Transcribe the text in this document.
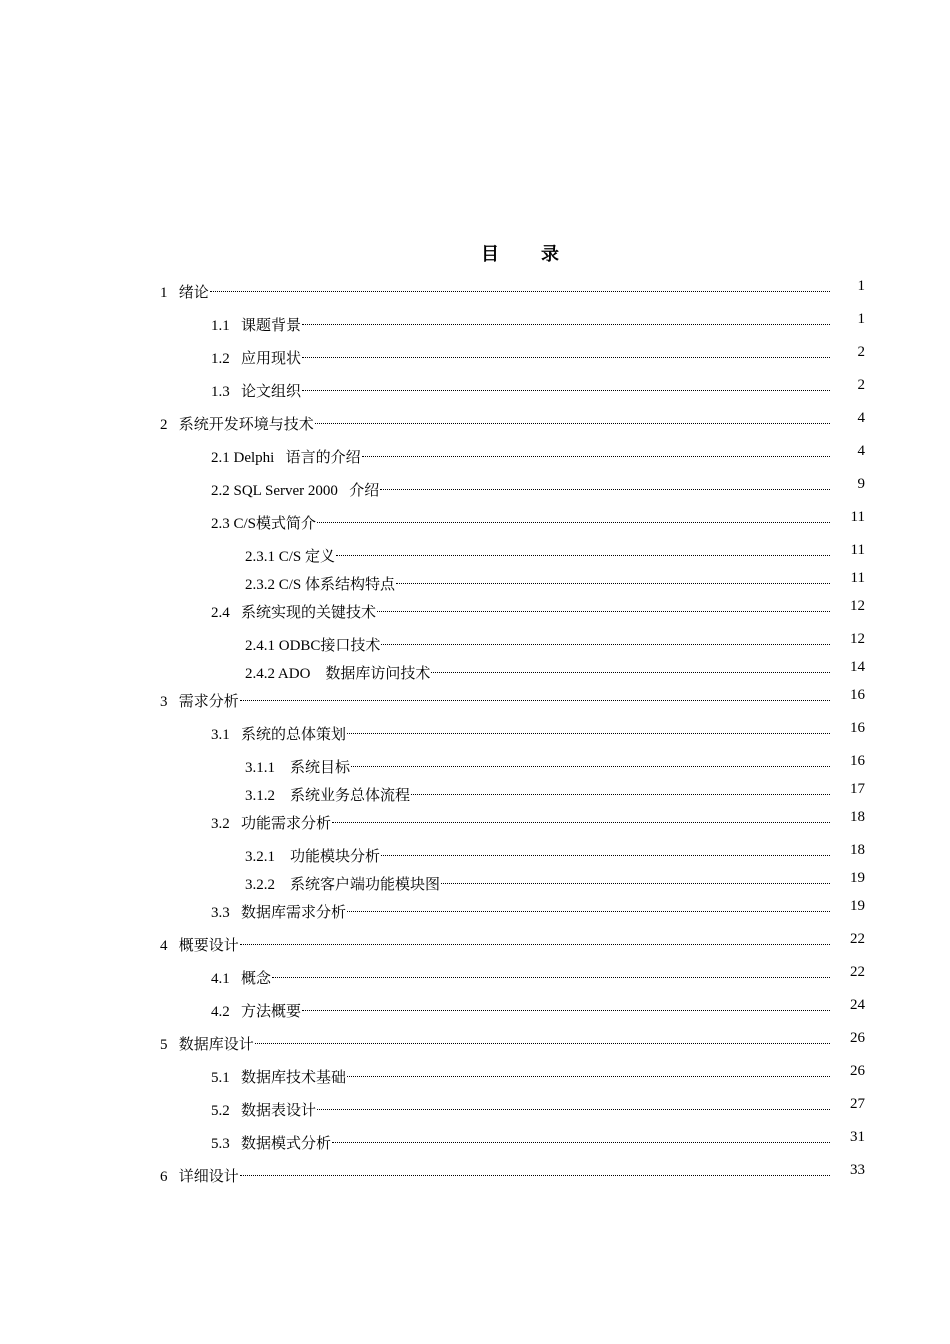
目　录
1 绪论	1
1.1 课题背景	1
1.2 应用现状	2
1.3 论文组织	2
2 系统开发环境与技术	4
2.1 Delphi 语言的介绍	4
2.2 SQL Server 2000 介绍	9
2.3 C/S模式简介	11
2.3.1 C/S 定义	11
2.3.2 C/S 体系结构特点	11
2.4 系统实现的关键技术	12
2.4.1 ODBC接口技术	12
2.4.2 ADO 数据库访问技术	14
3 需求分析	16
3.1 系统的总体策划	16
3.1.1 系统目标	16
3.1.2 系统业务总体流程	17
3.2 功能需求分析	18
3.2.1 功能模块分析	18
3.2.2 系统客户端功能模块图	19
3.3 数据库需求分析	19
4 概要设计	22
4.1 概念	22
4.2 方法概要	24
5 数据库设计	26
5.1 数据库技术基础	26
5.2 数据表设计	27
5.3 数据模式分析	31
6 详细设计	33
